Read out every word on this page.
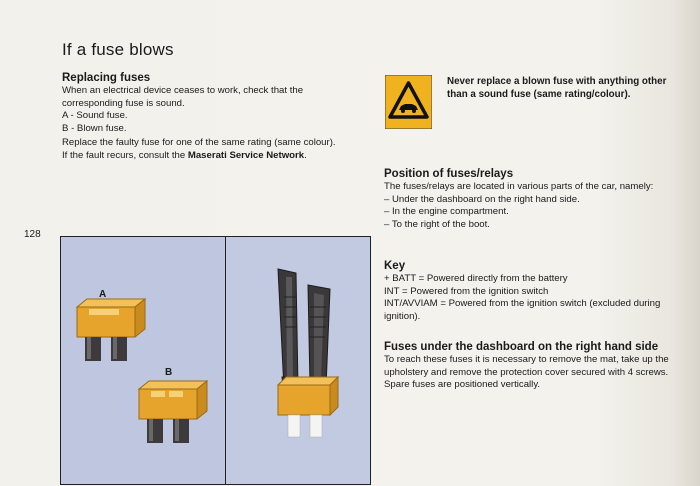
If a fuse blows
Replacing fuses
When an electrical device ceases to work, check that the corresponding fuse is sound.
A - Sound fuse.
B - Blown fuse.
Replace the faulty fuse for one of the same rating (same colour).
If the fault recurs, consult the Maserati Service Network.
128
A
B
Never replace a blown fuse with anything other than a sound fuse (same rating/colour).
Position of fuses/relays
The fuses/relays are located in various parts of the car, namely:
– Under the dashboard on the right hand side.
– In the engine compartment.
– To the right of the boot.
Key
+ BATT = Powered directly from the battery
INT = Powered from the ignition switch
INT/AVVIAM = Powered from the ignition switch (excluded during ignition).
Fuses under the dashboard on the right hand side
To reach these fuses it is necessary to remove the mat, take up the upholstery and remove the protection cover secured with 4 screws.
Spare fuses are positioned vertically.
